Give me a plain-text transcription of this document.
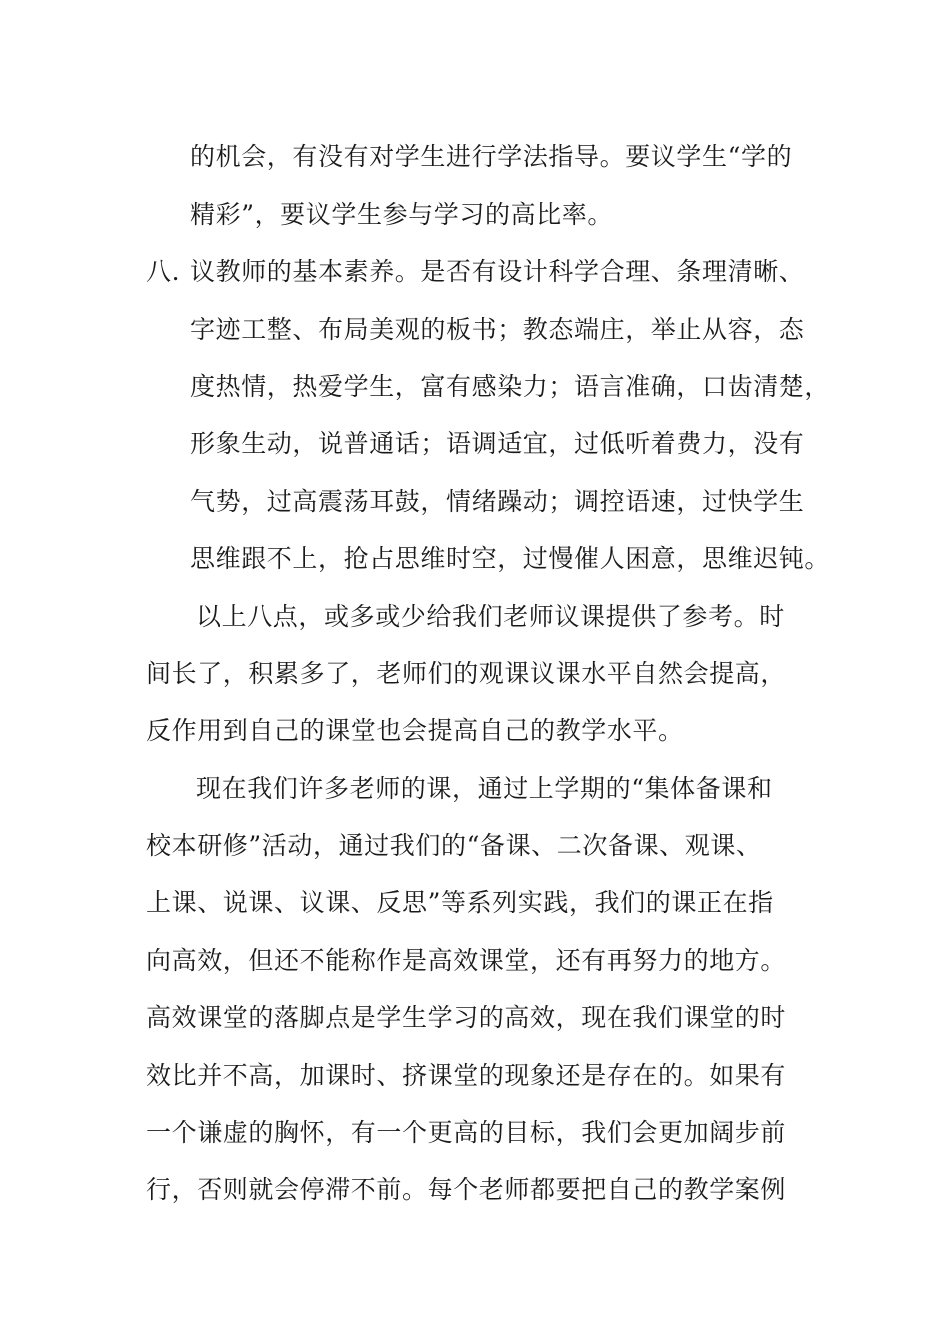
的机会，有没有对学生进行学法指导。要议学生“学的
精彩”，要议学生参与学习的高比率。
八. 议教师的基本素养。是否有设计科学合理、条理清晰、
字迹工整、布局美观的板书；教态端庄，举止从容，态
度热情，热爱学生，富有感染力；语言准确，口齿清楚，
形象生动，说普通话；语调适宜，过低听着费力，没有
气势，过高震荡耳鼓，情绪躁动；调控语速，过快学生
思维跟不上，抢占思维时空，过慢催人困意，思维迟钝。
以上八点，或多或少给我们老师议课提供了参考。时
间长了，积累多了，老师们的观课议课水平自然会提高，
反作用到自己的课堂也会提高自己的教学水平。
现在我们许多老师的课，通过上学期的“集体备课和
校本研修”活动，通过我们的“备课、二次备课、观课、
上课、说课、议课、反思”等系列实践，我们的课正在指
向高效，但还不能称作是高效课堂，还有再努力的地方。
高效课堂的落脚点是学生学习的高效，现在我们课堂的时
效比并不高，加课时、挤课堂的现象还是存在的。如果有
一个谦虚的胸怀，有一个更高的目标，我们会更加阔步前
行，否则就会停滞不前。每个老师都要把自己的教学案例
